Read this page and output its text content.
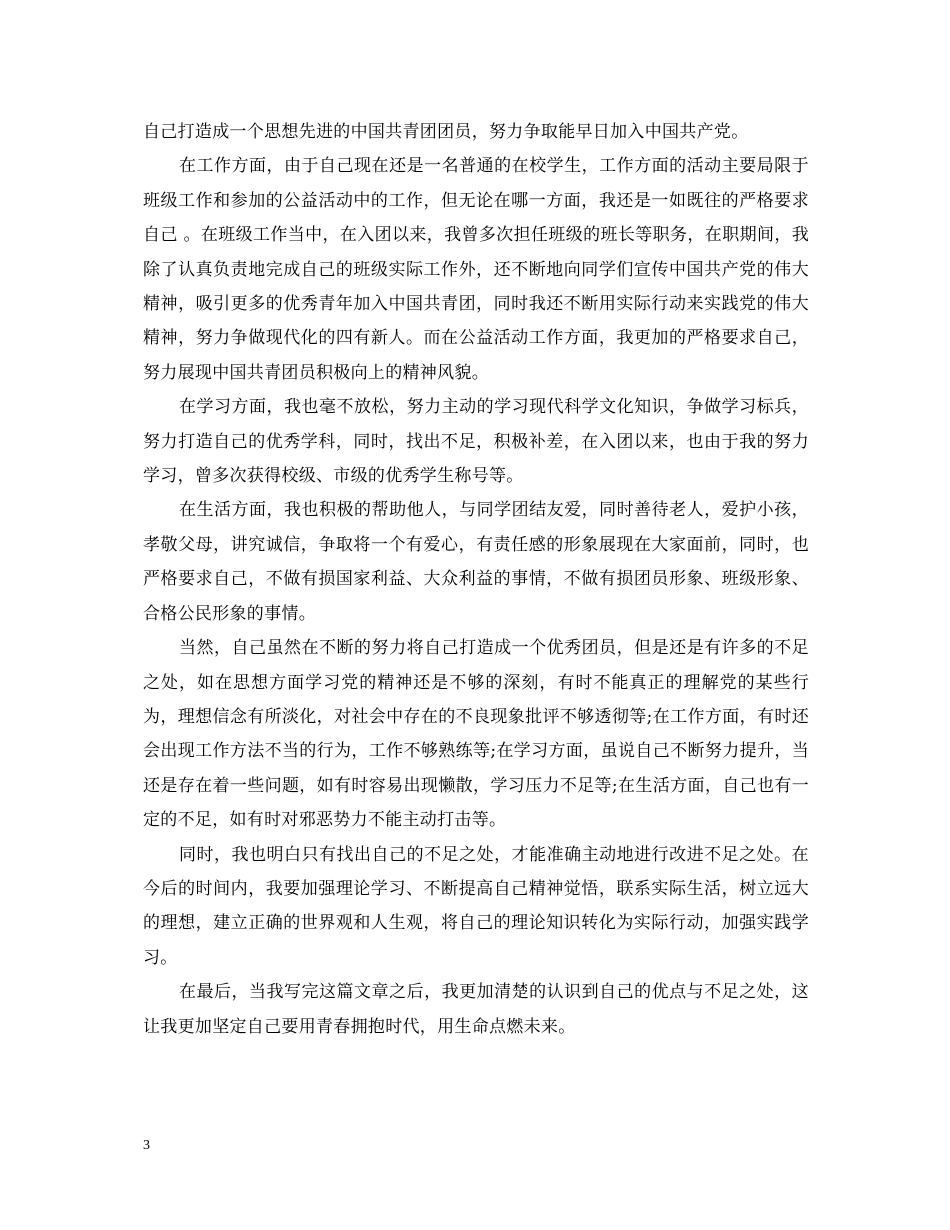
自己打造成一个思想先进的中国共青团团员，努力争取能早日加入中国共产党。

在工作方面，由于自己现在还是一名普通的在校学生，工作方面的活动主要局限于班级工作和参加的公益活动中的工作，但无论在哪一方面，我还是一如既往的严格要求自己 。在班级工作当中，在入团以来，我曾多次担任班级的班长等职务，在职期间，我除了认真负责地完成自己的班级实际工作外，还不断地向同学们宣传中国共产党的伟大精神，吸引更多的优秀青年加入中国共青团，同时我还不断用实际行动来实践党的伟大精神，努力争做现代化的四有新人。而在公益活动工作方面，我更加的严格要求自己，努力展现中国共青团员积极向上的精神风貌。

在学习方面，我也毫不放松，努力主动的学习现代科学文化知识，争做学习标兵，努力打造自己的优秀学科，同时，找出不足，积极补差，在入团以来，也由于我的努力学习，曾多次获得校级、市级的优秀学生称号等。

在生活方面，我也积极的帮助他人，与同学团结友爱，同时善待老人，爱护小孩，孝敬父母，讲究诚信，争取将一个有爱心，有责任感的形象展现在大家面前，同时，也严格要求自己，不做有损国家利益、大众利益的事情，不做有损团员形象、班级形象、合格公民形象的事情。

当然，自己虽然在不断的努力将自己打造成一个优秀团员，但是还是有许多的不足之处，如在思想方面学习党的精神还是不够的深刻，有时不能真正的理解党的某些行为，理想信念有所淡化，对社会中存在的不良现象批评不够透彻等;在工作方面，有时还会出现工作方法不当的行为，工作不够熟练等;在学习方面，虽说自己不断努力提升，当还是存在着一些问题，如有时容易出现懒散，学习压力不足等;在生活方面，自己也有一定的不足，如有时对邪恶势力不能主动打击等。

同时，我也明白只有找出自己的不足之处，才能准确主动地进行改进不足之处。在今后的时间内，我要加强理论学习、不断提高自己精神觉悟，联系实际生活，树立远大的理想，建立正确的世界观和人生观，将自己的理论知识转化为实际行动，加强实践学习。

在最后，当我写完这篇文章之后，我更加清楚的认识到自己的优点与不足之处，这让我更加坚定自己要用青春拥抱时代，用生命点燃未来。

3
